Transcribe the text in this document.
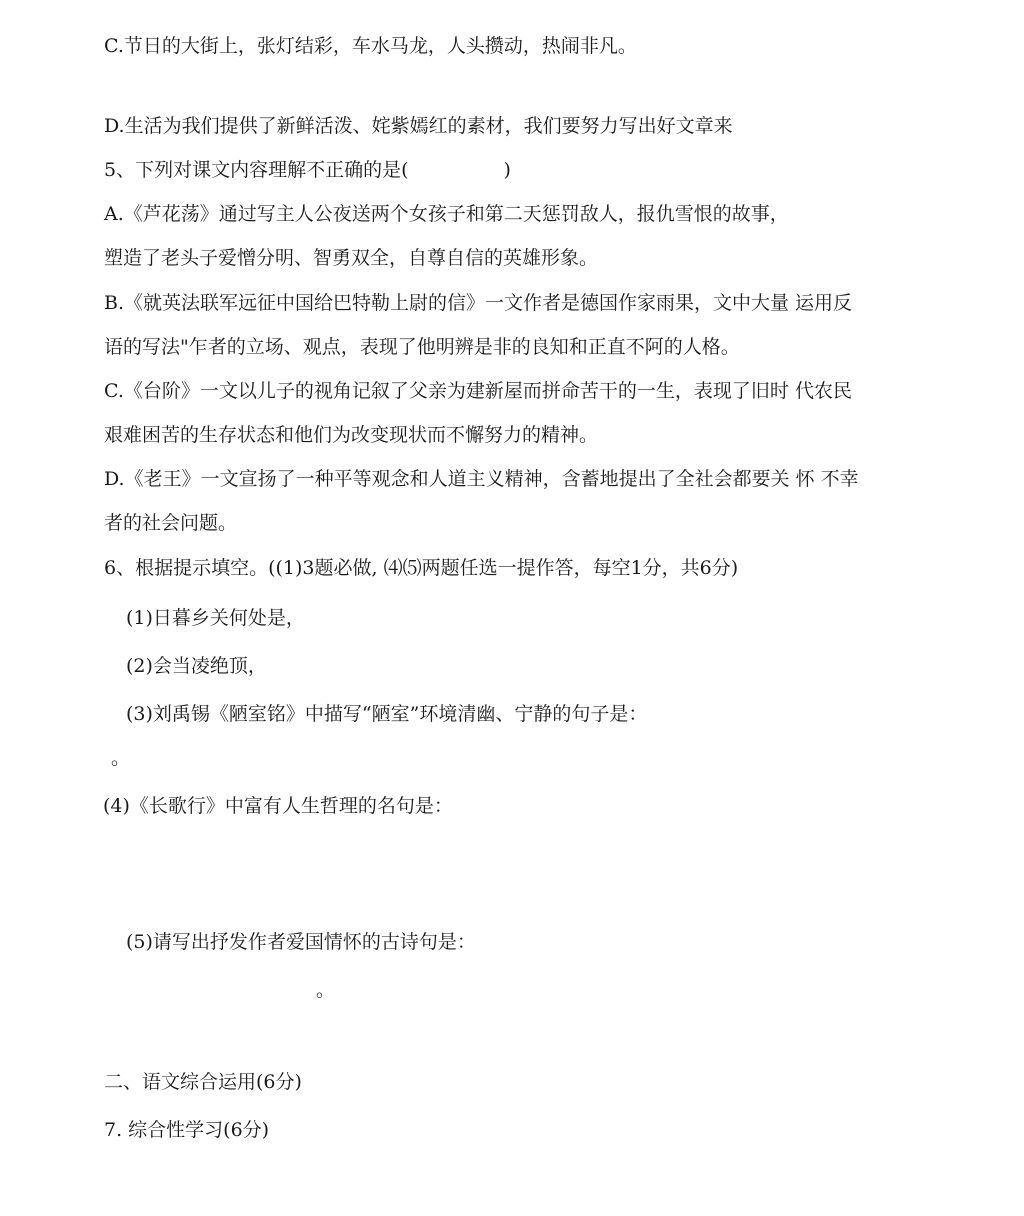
C.节日的大街上，张灯结彩，车水马龙，人头攒动，热闹非凡。
D.生活为我们提供了新鲜活泼、姹紫嫣红的素材，我们要努力写出好文章来
5、下列对课文内容理解不正确的是(　　　　　)
A.《芦花荡》通过写主人公夜送两个女孩子和第二天惩罚敌人，报仇雪恨的故事，
塑造了老头子爱憎分明、智勇双全，自尊自信的英雄形象。
B.《就英法联军远征中国给巴特勒上尉的信》一文作者是德国作家雨果，文中大量 运用反
语的写法"乍者的立场、观点，表现了他明辨是非的良知和正直不阿的人格。
C.《台阶》一文以儿子的视角记叙了父亲为建新屋而拼命苦干的一生，表现了旧时 代农民
艰难困苦的生存状态和他们为改变现状而不懈努力的精神。
D.《老王》一文宣扬了一种平等观念和人道主义精神，含蓄地提出了全社会都要关 怀 不幸
者的社会问题。
6、根据提示填空。((1)3题必做, ⑷⑸两题任选一提作答，每空1分，共6分)
(1)日暮乡关何处是，
(2)会当凌绝顶，
(3)刘禹锡《陋室铭》中描写“陋室”环境清幽、宁静的句子是：
。
(4)《长歌行》中富有人生哲理的名句是：
(5)请写出抒发作者爱国情怀的古诗句是：
。
二、语文综合运用(6分)
7. 综合性学习(6分)
